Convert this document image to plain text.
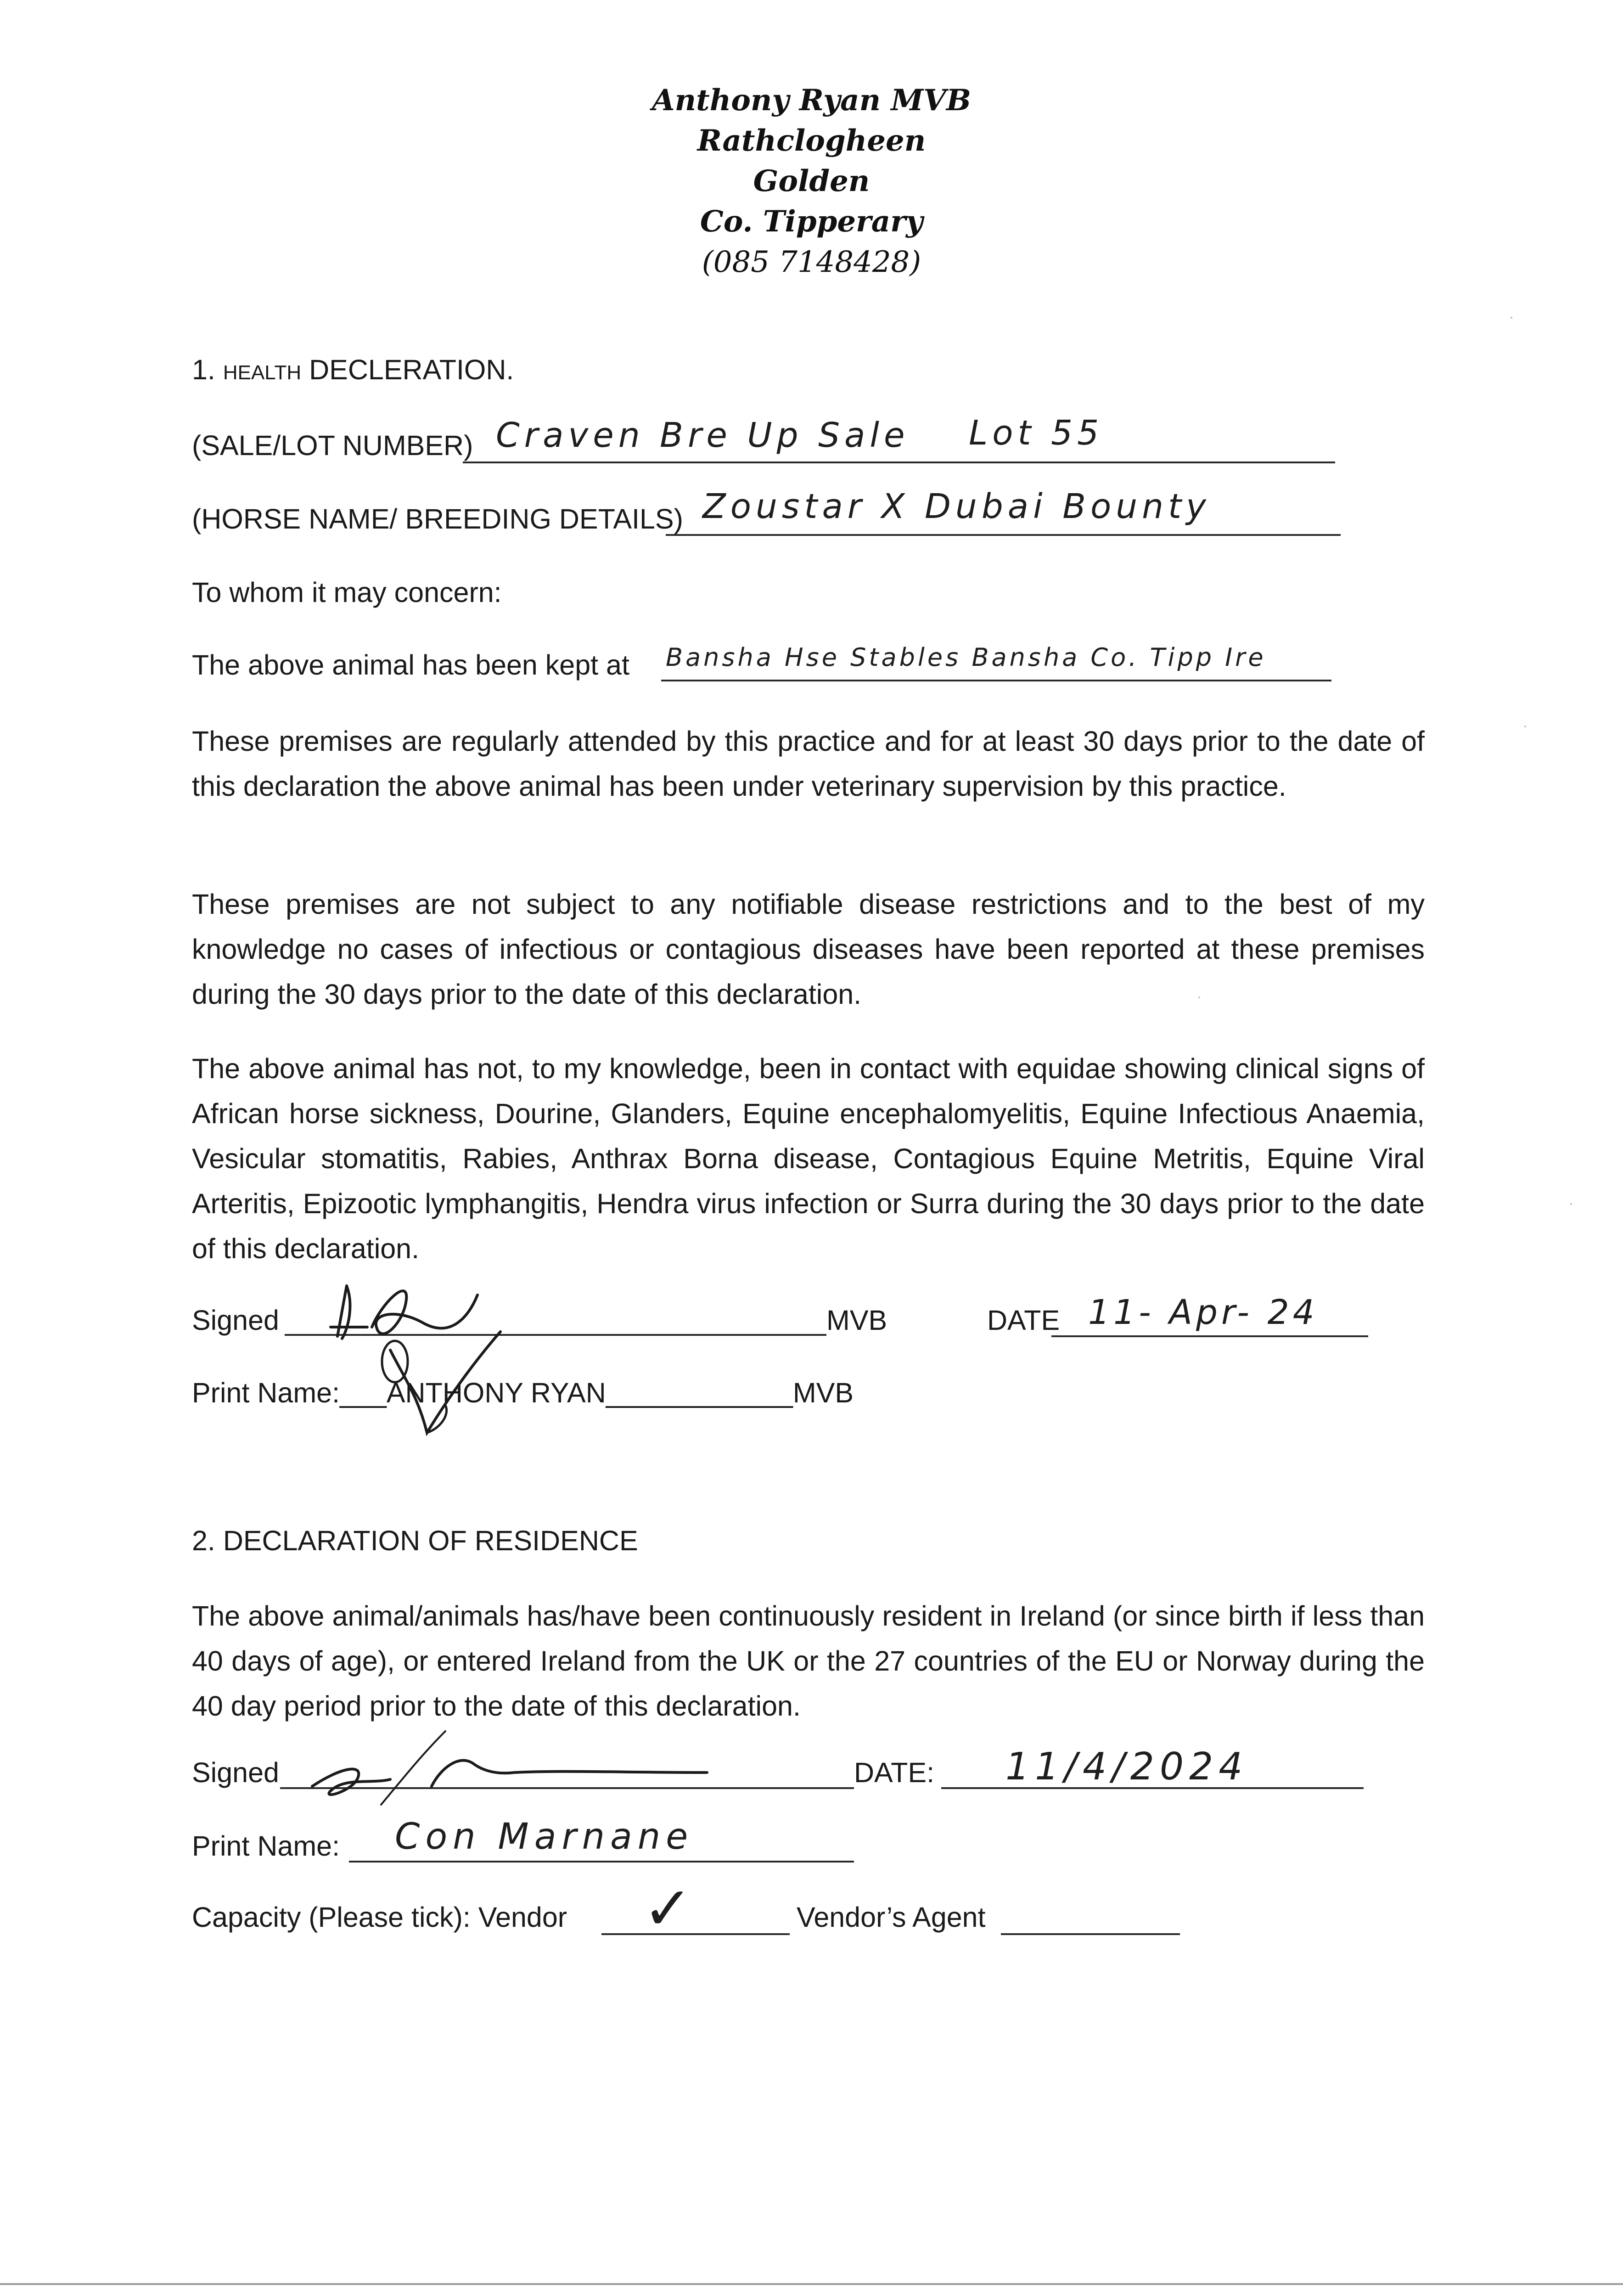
Anthony Ryan MVB
Rathclogheen
Golden
Co. Tipperary
(085 7148428)
1. HEALTH DECLERATION.
(SALE/LOT NUMBER) Craven Bre Up Sale Lot 55
(HORSE NAME/ BREEDING DETAILS) Zoustar X Dubai Bounty
To whom it may concern:
The above animal has been kept at Bansha Hse Stables Bansha Co. Tipp Ire
These premises are regularly attended by this practice and for at least 30 days prior to the date of this declaration the above animal has been under veterinary supervision by this practice.
These premises are not subject to any notifiable disease restrictions and to the best of my knowledge no cases of infectious or contagious diseases have been reported at these premises during the 30 days prior to the date of this declaration.
The above animal has not, to my knowledge, been in contact with equidae showing clinical signs of African horse sickness, Dourine, Glanders, Equine encephalomyelitis, Equine Infectious Anaemia, Vesicular stomatitis, Rabies, Anthrax Borna disease, Contagious Equine Metritis, Equine Viral Arteritis, Epizootic lymphangitis, Hendra virus infection or Surra during the 30 days prior to the date of this declaration.
Signed	MVB	DATE 11- Apr- 24
Print Name:___ANTHONY RYAN____________MVB
2. DECLARATION OF RESIDENCE
The above animal/animals has/have been continuously resident in Ireland (or since birth if less than 40 days of age), or entered Ireland from the UK or the 27 countries of the EU or Norway during the 40 day period prior to the date of this declaration.
Signed	DATE: 11/4/2024
Print Name: Con Marnane
Capacity (Please tick): Vendor ✓	Vendor’s Agent
